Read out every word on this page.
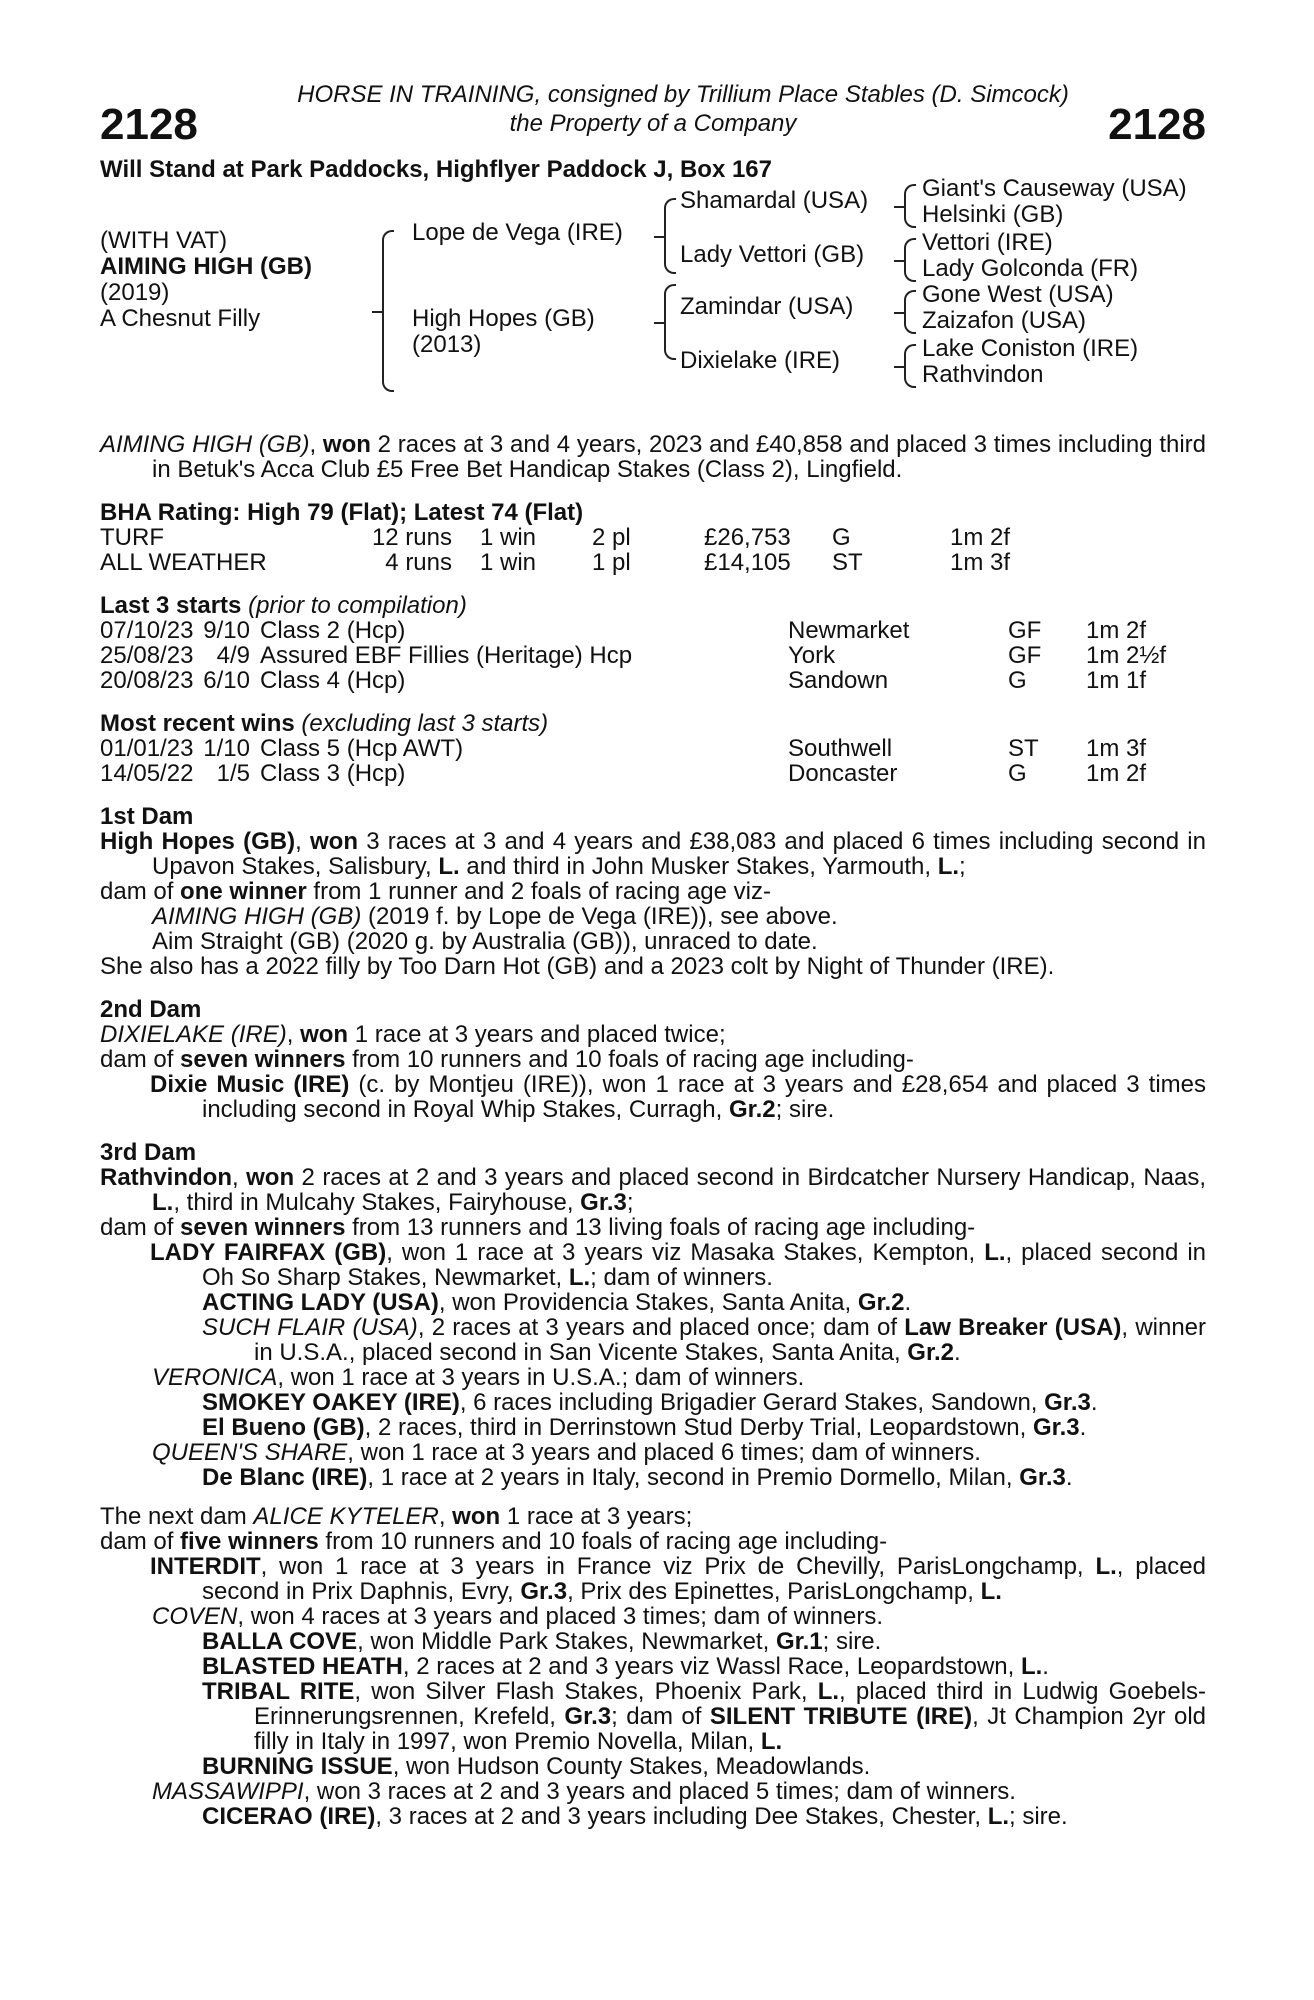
HORSE IN TRAINING, consigned by Trillium Place Stables (D. Simcock)
2128	the Property of a Company	2128
Will Stand at Park Paddocks, Highflyer Paddock J, Box 167
(WITH VAT)
AIMING HIGH (GB)
(2019)
A Chesnut Filly
Lope de Vega (IRE)
High Hopes (GB)
(2013)
Shamardal (USA)
Lady Vettori (GB)
Zamindar (USA)
Dixielake (IRE)
Giant's Causeway (USA)
Helsinki (GB)
Vettori (IRE)
Lady Golconda (FR)
Gone West (USA)
Zaizafon (USA)
Lake Coniston (IRE)
Rathvindon

AIMING HIGH (GB), won 2 races at 3 and 4 years, 2023 and £40,858 and placed 3 times including third in Betuk's Acca Club £5 Free Bet Handicap Stakes (Class 2), Lingfield.

BHA Rating: High 79 (Flat); Latest 74 (Flat)
TURF	12 runs	1 win	2 pl	£26,753	G	1m 2f
ALL WEATHER	4 runs	1 win	1 pl	£14,105	ST	1m 3f
Last 3 starts (prior to compilation)
07/10/23	9/10	Class 2 (Hcp)	Newmarket	GF	1m 2f
25/08/23	4/9	Assured EBF Fillies (Heritage) Hcp	York	GF	1m 2½f
20/08/23	6/10	Class 4 (Hcp)	Sandown	G	1m 1f
Most recent wins (excluding last 3 starts)
01/01/23	1/10	Class 5 (Hcp AWT)	Southwell	ST	1m 3f
14/05/22	1/5	Class 3 (Hcp)	Doncaster	G	1m 2f
1st Dam

High Hopes (GB), won 3 races at 3 and 4 years and £38,083 and placed 6 times including second in Upavon Stakes, Salisbury, L. and third in John Musker Stakes, Yarmouth, L.;

dam of one winner from 1 runner and 2 foals of racing age viz-

AIMING HIGH (GB) (2019 f. by Lope de Vega (IRE)), see above.

Aim Straight (GB) (2020 g. by Australia (GB)), unraced to date.

She also has a 2022 filly by Too Darn Hot (GB) and a 2023 colt by Night of Thunder (IRE).

2nd Dam

DIXIELAKE (IRE), won 1 race at 3 years and placed twice;

dam of seven winners from 10 runners and 10 foals of racing age including-

Dixie Music (IRE) (c. by Montjeu (IRE)), won 1 race at 3 years and £28,654 and placed 3 times including second in Royal Whip Stakes, Curragh, Gr.2; sire.

3rd Dam

Rathvindon, won 2 races at 2 and 3 years and placed second in Birdcatcher Nursery Handicap, Naas, L., third in Mulcahy Stakes, Fairyhouse, Gr.3;

dam of seven winners from 13 runners and 13 living foals of racing age including-

LADY FAIRFAX (GB), won 1 race at 3 years viz Masaka Stakes, Kempton, L., placed second in Oh So Sharp Stakes, Newmarket, L.; dam of winners.

ACTING LADY (USA), won Providencia Stakes, Santa Anita, Gr.2.

SUCH FLAIR (USA), 2 races at 3 years and placed once; dam of Law Breaker (USA), winner in U.S.A., placed second in San Vicente Stakes, Santa Anita, Gr.2.

VERONICA, won 1 race at 3 years in U.S.A.; dam of winners.

SMOKEY OAKEY (IRE), 6 races including Brigadier Gerard Stakes, Sandown, Gr.3.

El Bueno (GB), 2 races, third in Derrinstown Stud Derby Trial, Leopardstown, Gr.3.

QUEEN'S SHARE, won 1 race at 3 years and placed 6 times; dam of winners.

De Blanc (IRE), 1 race at 2 years in Italy, second in Premio Dormello, Milan, Gr.3.

The next dam ALICE KYTELER, won 1 race at 3 years;

dam of five winners from 10 runners and 10 foals of racing age including-

INTERDIT, won 1 race at 3 years in France viz Prix de Chevilly, ParisLongchamp, L., placed second in Prix Daphnis, Evry, Gr.3, Prix des Epinettes, ParisLongchamp, L.

COVEN, won 4 races at 3 years and placed 3 times; dam of winners.

BALLA COVE, won Middle Park Stakes, Newmarket, Gr.1; sire.

BLASTED HEATH, 2 races at 2 and 3 years viz Wassl Race, Leopardstown, L..

TRIBAL RITE, won Silver Flash Stakes, Phoenix Park, L., placed third in Ludwig Goebels-Erinnerungsrennen, Krefeld, Gr.3; dam of SILENT TRIBUTE (IRE), Jt Champion 2yr old filly in Italy in 1997, won Premio Novella, Milan, L.

BURNING ISSUE, won Hudson County Stakes, Meadowlands.

MASSAWIPPI, won 3 races at 2 and 3 years and placed 5 times; dam of winners.

CICERAO (IRE), 3 races at 2 and 3 years including Dee Stakes, Chester, L.; sire.
